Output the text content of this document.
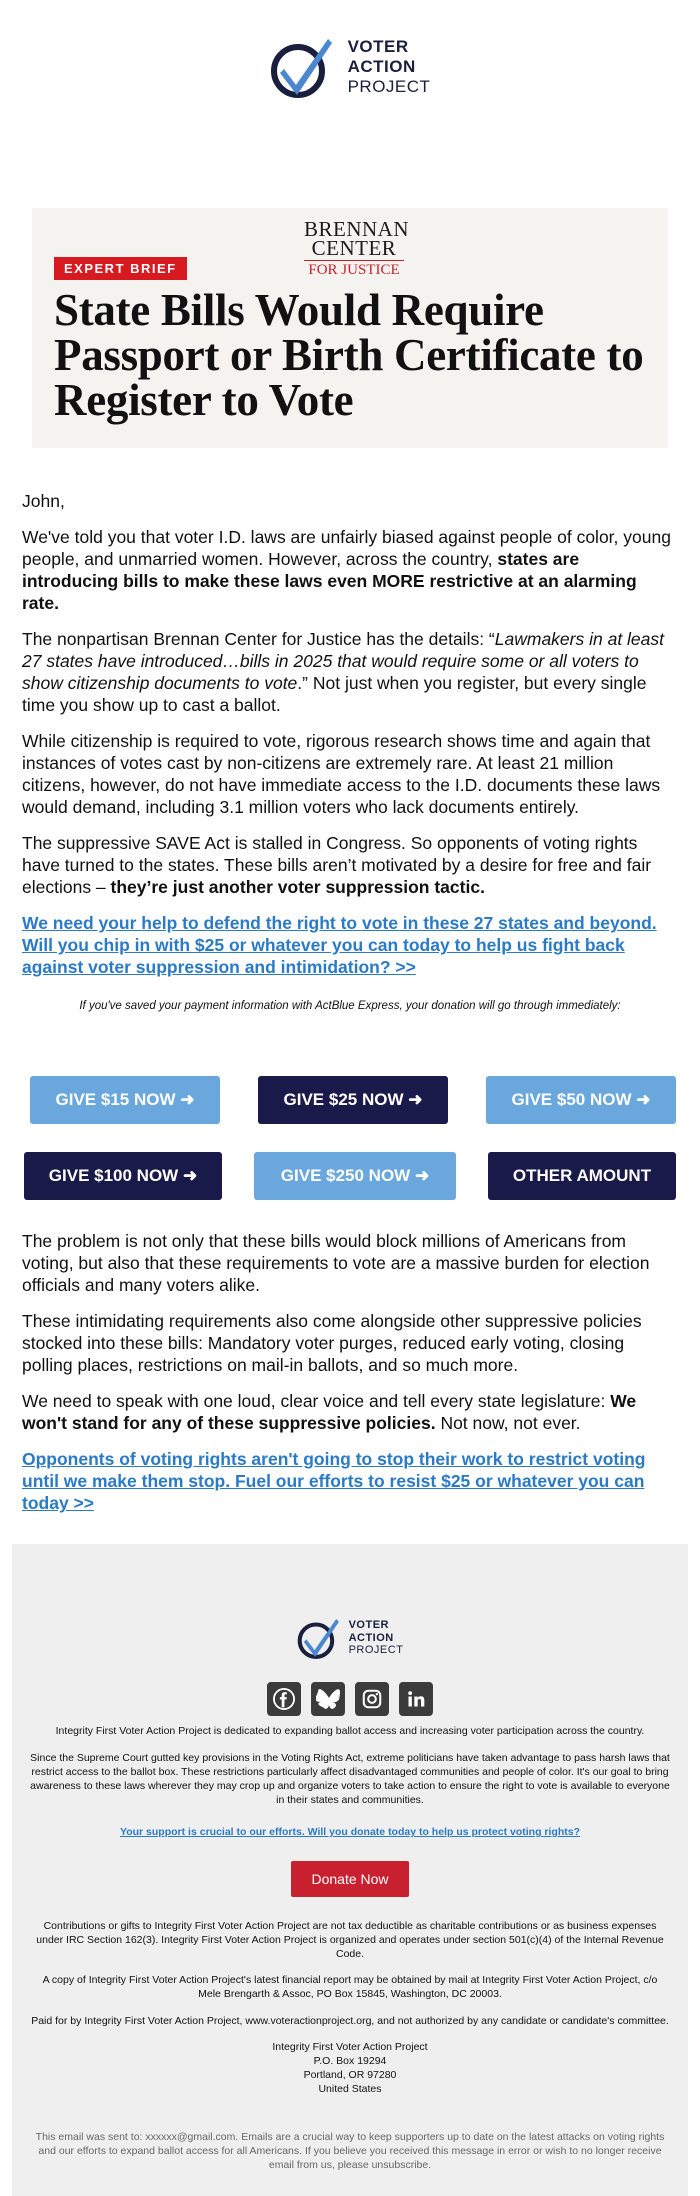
VOTER
ACTION
PROJECT
BRENNAN
CENTER
FOR JUSTICE
EXPERT BRIEF
State Bills Would Require Passport or Birth Certificate to Register to Vote

John,

We've told you that voter I.D. laws are unfairly biased against people of color, young people, and unmarried women. However, across the country, states are introducing bills to make these laws even MORE restrictive at an alarming rate.

The nonpartisan Brennan Center for Justice has the details: “Lawmakers in at least 27 states have introduced…bills in 2025 that would require some or all voters to show citizenship documents to vote.” Not just when you register, but every single time you show up to cast a ballot.

While citizenship is required to vote, rigorous research shows time and again that instances of votes cast by non-citizens are extremely rare. At least 21 million citizens, however, do not have immediate access to the I.D. documents these laws would demand, including 3.1 million voters who lack documents entirely.

The suppressive SAVE Act is stalled in Congress. So opponents of voting rights have turned to the states. These bills aren’t motivated by a desire for free and fair elections – they’re just another voter suppression tactic.

We need your help to defend the right to vote in these 27 states and beyond. Will you chip in with $25 or whatever you can today to help us fight back against voter suppression and intimidation? >>

If you've saved your payment information with ActBlue Express, your donation will go through immediately:

GIVE $15 NOW ➜	GIVE $25 NOW ➜	GIVE $50 NOW ➜
GIVE $100 NOW ➜	GIVE $250 NOW ➜	OTHER AMOUNT

The problem is not only that these bills would block millions of Americans from voting, but also that these requirements to vote are a massive burden for election officials and many voters alike.

These intimidating requirements also come alongside other suppressive policies stocked into these bills: Mandatory voter purges, reduced early voting, closing polling places, restrictions on mail-in ballots, and so much more.

We need to speak with one loud, clear voice and tell every state legislature: We won't stand for any of these suppressive policies. Not now, not ever.

Opponents of voting rights aren't going to stop their work to restrict voting until we make them stop. Fuel our efforts to resist $25 or whatever you can today >>

VOTER
ACTION
PROJECT

Integrity First Voter Action Project is dedicated to expanding ballot access and increasing voter participation across the country.

Since the Supreme Court gutted key provisions in the Voting Rights Act, extreme politicians have taken advantage to pass harsh laws that restrict access to the ballot box. These restrictions particularly affect disadvantaged communities and people of color. It's our goal to bring awareness to these laws wherever they may crop up and organize voters to take action to ensure the right to vote is available to everyone in their states and communities.

Your support is crucial to our efforts. Will you donate today to help us protect voting rights?

Donate Now

Contributions or gifts to Integrity First Voter Action Project are not tax deductible as charitable contributions or as business expenses under IRC Section 162(3). Integrity First Voter Action Project is organized and operates under section 501(c)(4) of the Internal Revenue Code.

A copy of Integrity First Voter Action Project's latest financial report may be obtained by mail at Integrity First Voter Action Project, c/o Mele Brengarth & Assoc, PO Box 15845, Washington, DC 20003.

Paid for by Integrity First Voter Action Project, www.voteractionproject.org, and not authorized by any candidate or candidate's committee.

Integrity First Voter Action Project

P.O. Box 19294

Portland, OR 97280

United States

This email was sent to: xxxxxx@gmail.com. Emails are a crucial way to keep supporters up to date on the latest attacks on voting rights and our efforts to expand ballot access for all Americans. If you believe you received this message in error or wish to no longer receive email from us, please unsubscribe.
